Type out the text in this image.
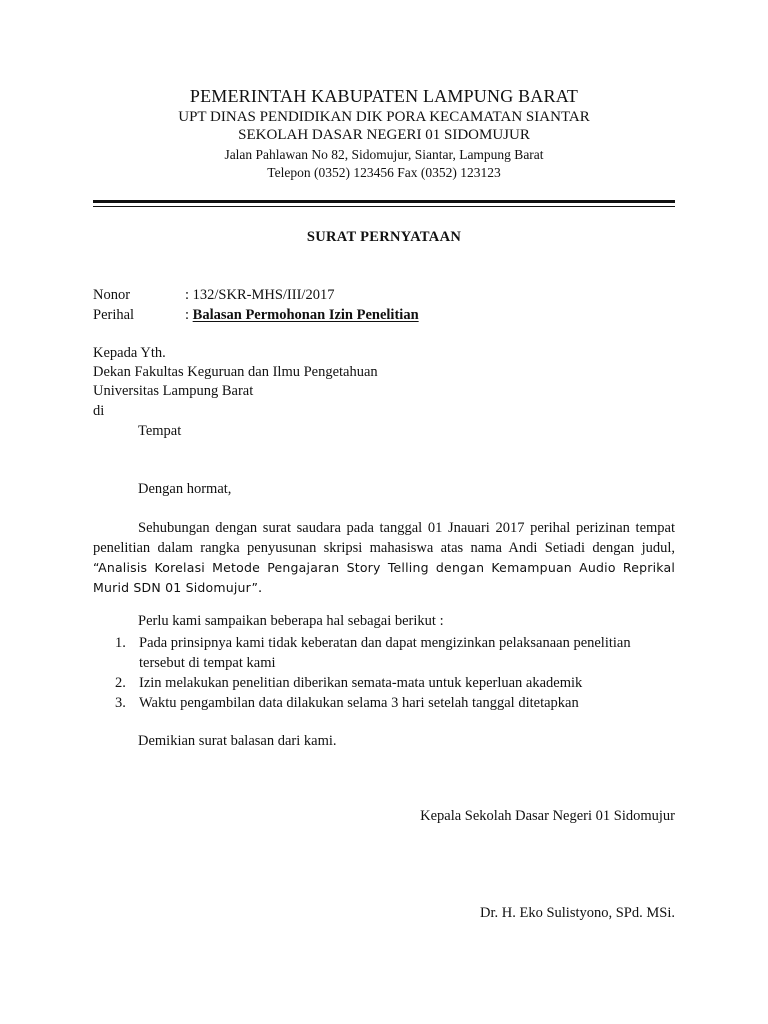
PEMERINTAH KABUPATEN LAMPUNG BARAT
UPT DINAS PENDIDIKAN DIK PORA KECAMATAN SIANTAR
SEKOLAH DASAR NEGERI 01 SIDOMUJUR
Jalan Pahlawan No 82, Sidomujur, Siantar, Lampung Barat
Telepon (0352) 123456 Fax (0352) 123123
SURAT PERNYATAAN
Nonor	: 132/SKR-MHS/III/2017
Perihal	: Balasan Permohonan Izin Penelitian
Kepada Yth.
Dekan Fakultas Keguruan dan Ilmu Pengetahuan
Universitas Lampung Barat
di
Tempat
Dengan hormat,
Sehubungan dengan surat saudara pada tanggal 01 Jnauari 2017 perihal perizinan tempat penelitian dalam rangka penyusunan skripsi mahasiswa atas nama Andi Setiadi dengan judul, “Analisis Korelasi Metode Pengajaran Story Telling dengan Kemampuan Audio Reprikal Murid SDN 01 Sidomujur”.
Perlu kami sampaikan beberapa hal sebagai berikut :
1. Pada prinsipnya kami tidak keberatan dan dapat mengizinkan pelaksanaan penelitian tersebut di tempat kami
2. Izin melakukan penelitian diberikan semata-mata untuk keperluan akademik
3. Waktu pengambilan data dilakukan selama 3 hari setelah tanggal ditetapkan
Demikian surat balasan dari kami.
Kepala Sekolah Dasar Negeri 01 Sidomujur
Dr. H. Eko Sulistyono, SPd. MSi.
